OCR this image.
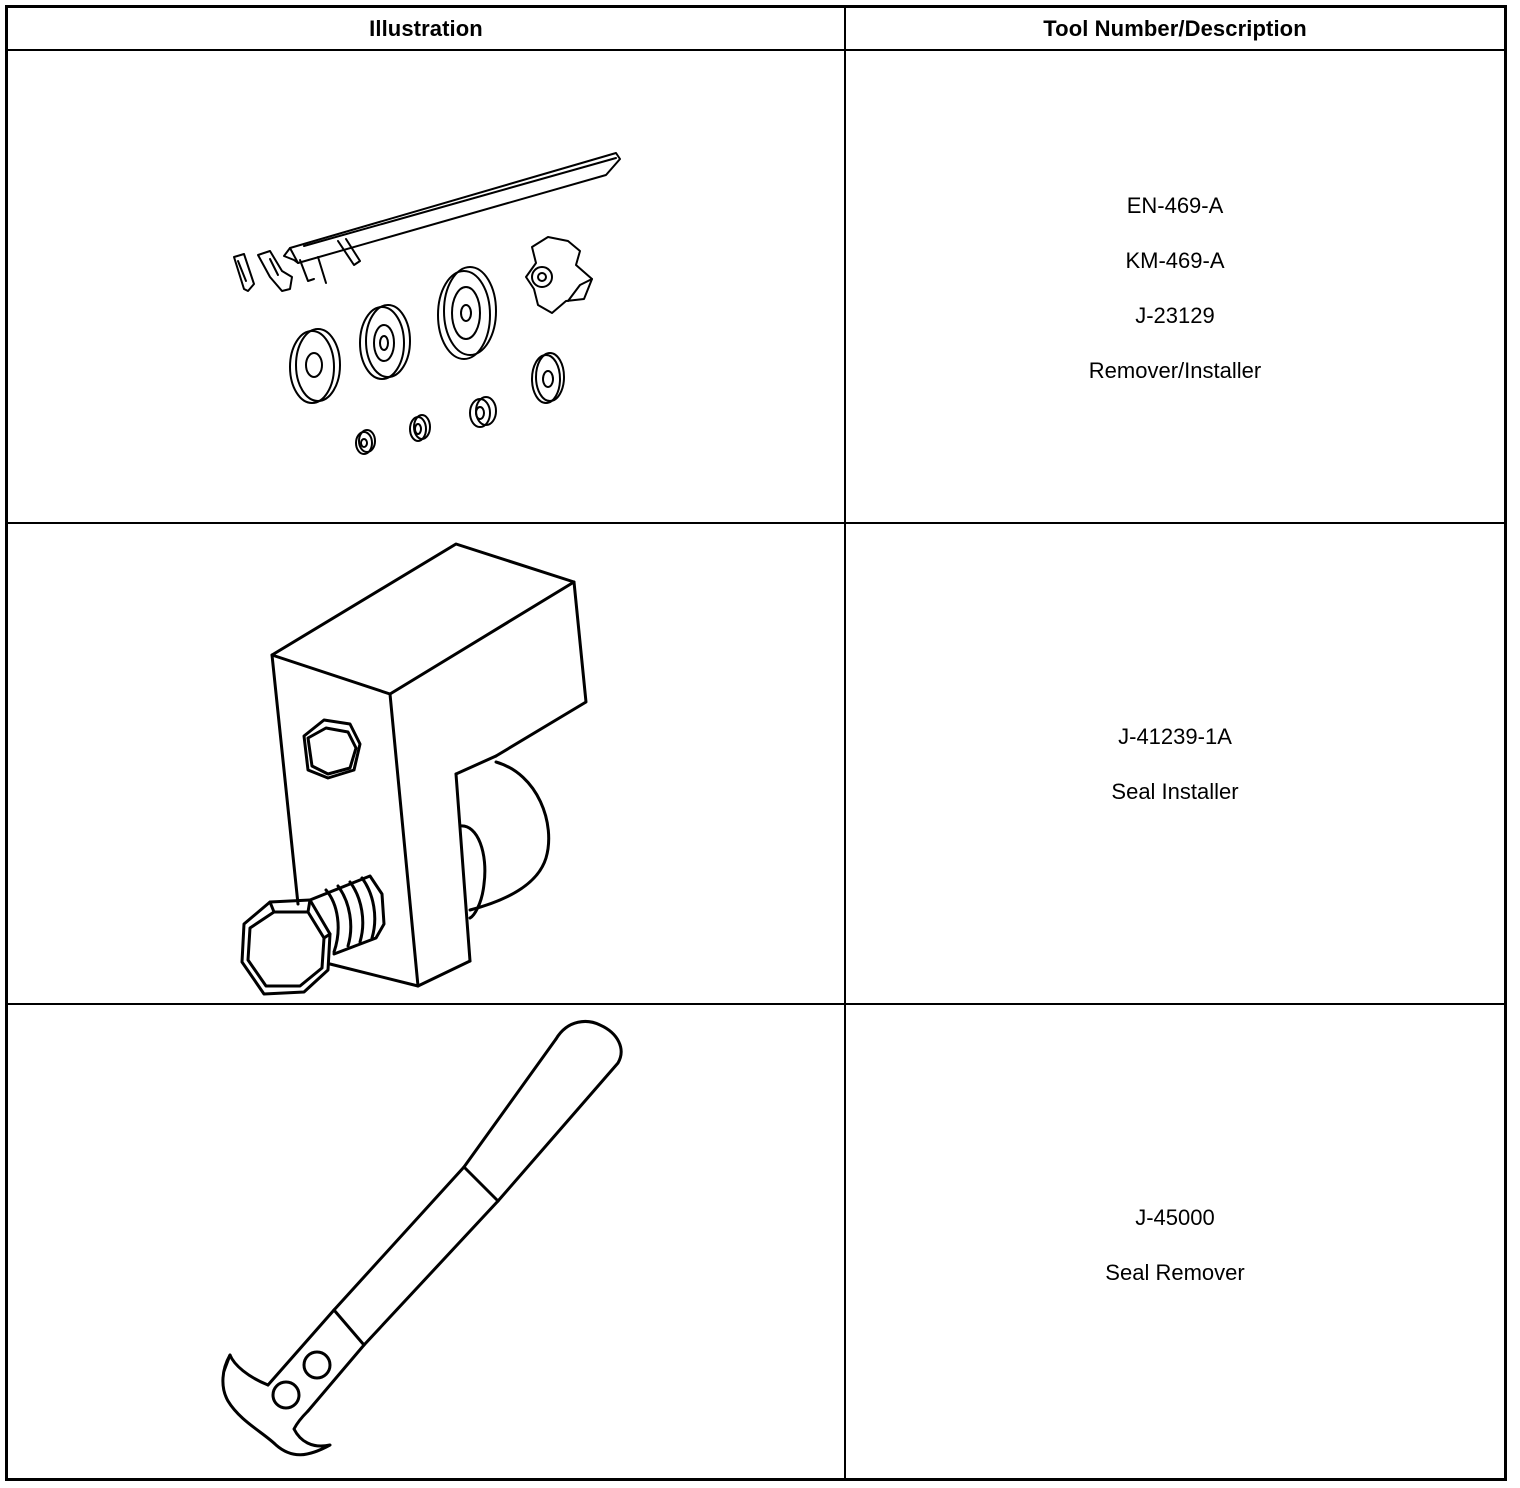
Illustration	Tool Number/Description
EN-469-A
KM-469-A
J-23129
Remover/Installer
J-41239-1A
Seal Installer
J-45000
Seal Remover
